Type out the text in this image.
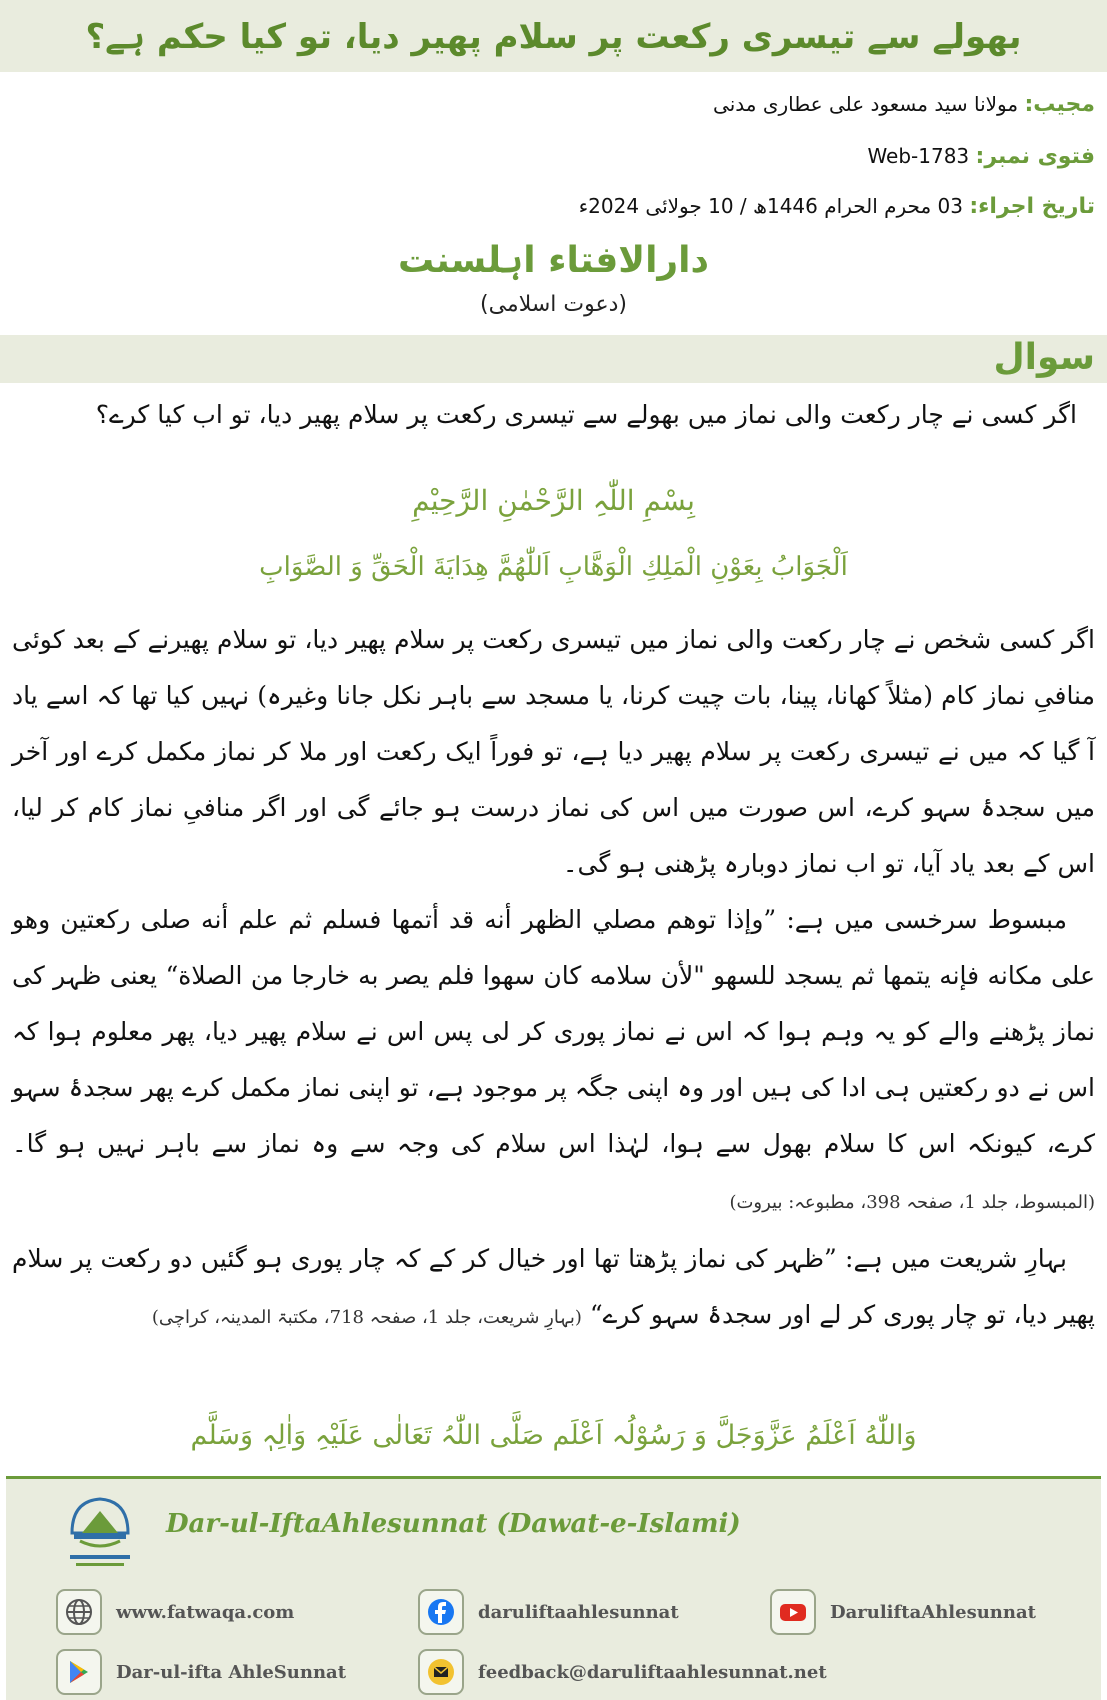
بھولے سے تیسری رکعت پر سلام پھیر دیا، تو کیا حکم ہے؟
مجیب: مولانا سید مسعود علی عطاری مدنی
فتوی نمبر: Web-1783
تاریخ اجراء: 03 محرم الحرام 1446ھ / 10 جولائی 2024ء
دارالافتاء اہلسنت
(دعوت اسلامی)
سوال
اگر کسی نے چار رکعت والی نماز میں بھولے سے تیسری رکعت پر سلام پھیر دیا، تو اب کیا کرے؟
بِسْمِ اللّٰہِ الرَّحْمٰنِ الرَّحِیْمِ
اَلْجَوَابُ بِعَوْنِ الْمَلِكِ الْوَهَّابِ اَللّٰهُمَّ هِدَايَةَ الْحَقِّ وَ الصَّوَابِ

اگر کسی شخص نے چار رکعت والی نماز میں تیسری رکعت پر سلام پھیر دیا، تو سلام پھیرنے کے بعد کوئی منافیِ نماز کام (مثلاً کھانا، پینا، بات چیت کرنا، یا مسجد سے باہر نکل جانا وغیرہ) نہیں کیا تھا کہ اسے یاد آ گیا کہ میں نے تیسری رکعت پر سلام پھیر دیا ہے، تو فوراً ایک رکعت اور ملا کر نماز مکمل کرے اور آخر میں سجدۂ سہو کرے، اس صورت میں اس کی نماز درست ہو جائے گی اور اگر منافیِ نماز کام کر لیا، اس کے بعد یاد آیا، تو اب نماز دوبارہ پڑھنی ہو گی۔

مبسوط سرخسی میں ہے: ”وإذا توهم مصلي الظهر أنه قد أتمها فسلم ثم علم أنه صلى ركعتين وهو على مكانه فإنه يتمها ثم يسجد للسهو "لأن سلامه كان سهوا فلم يصر به خارجا من الصلاة“ یعنی ظہر کی نماز پڑھنے والے کو یہ وہم ہوا کہ اس نے نماز پوری کر لی پس اس نے سلام پھیر دیا، پھر معلوم ہوا کہ اس نے دو رکعتیں ہی ادا کی ہیں اور وہ اپنی جگہ پر موجود ہے، تو اپنی نماز مکمل کرے پھر سجدۂ سہو کرے، کیونکہ اس کا سلام بھول سے ہوا، لہٰذا اس سلام کی وجہ سے وہ نماز سے باہر نہیں ہو گا۔ (المبسوط، جلد 1، صفحہ 398، مطبوعہ: بیروت)

بہارِ شریعت میں ہے: ”ظہر کی نماز پڑھتا تھا اور خیال کر کے کہ چار پوری ہو گئیں دو رکعت پر سلام پھیر دیا، تو چار پوری کر لے اور سجدۂ سہو کرے“ (بہارِ شریعت، جلد 1، صفحہ 718، مکتبۃ المدینہ، کراچی)

وَاللّٰهُ اَعْلَمُ عَزَّوَجَلَّ وَ رَسُوْلُہ اَعْلَم صَلَّی اللّٰہُ تَعَالٰی عَلَیْہِ وَاٰلِہٖ وَسَلَّم
Dar-ul-IftaAhlesunnat (Dawat-e-Islami)
www.fatwaqa.com	daruliftaahlesunnat	DaruliftaAhlesunnat
Dar-ul-ifta AhleSunnat	feedback@daruliftaahlesunnat.net
